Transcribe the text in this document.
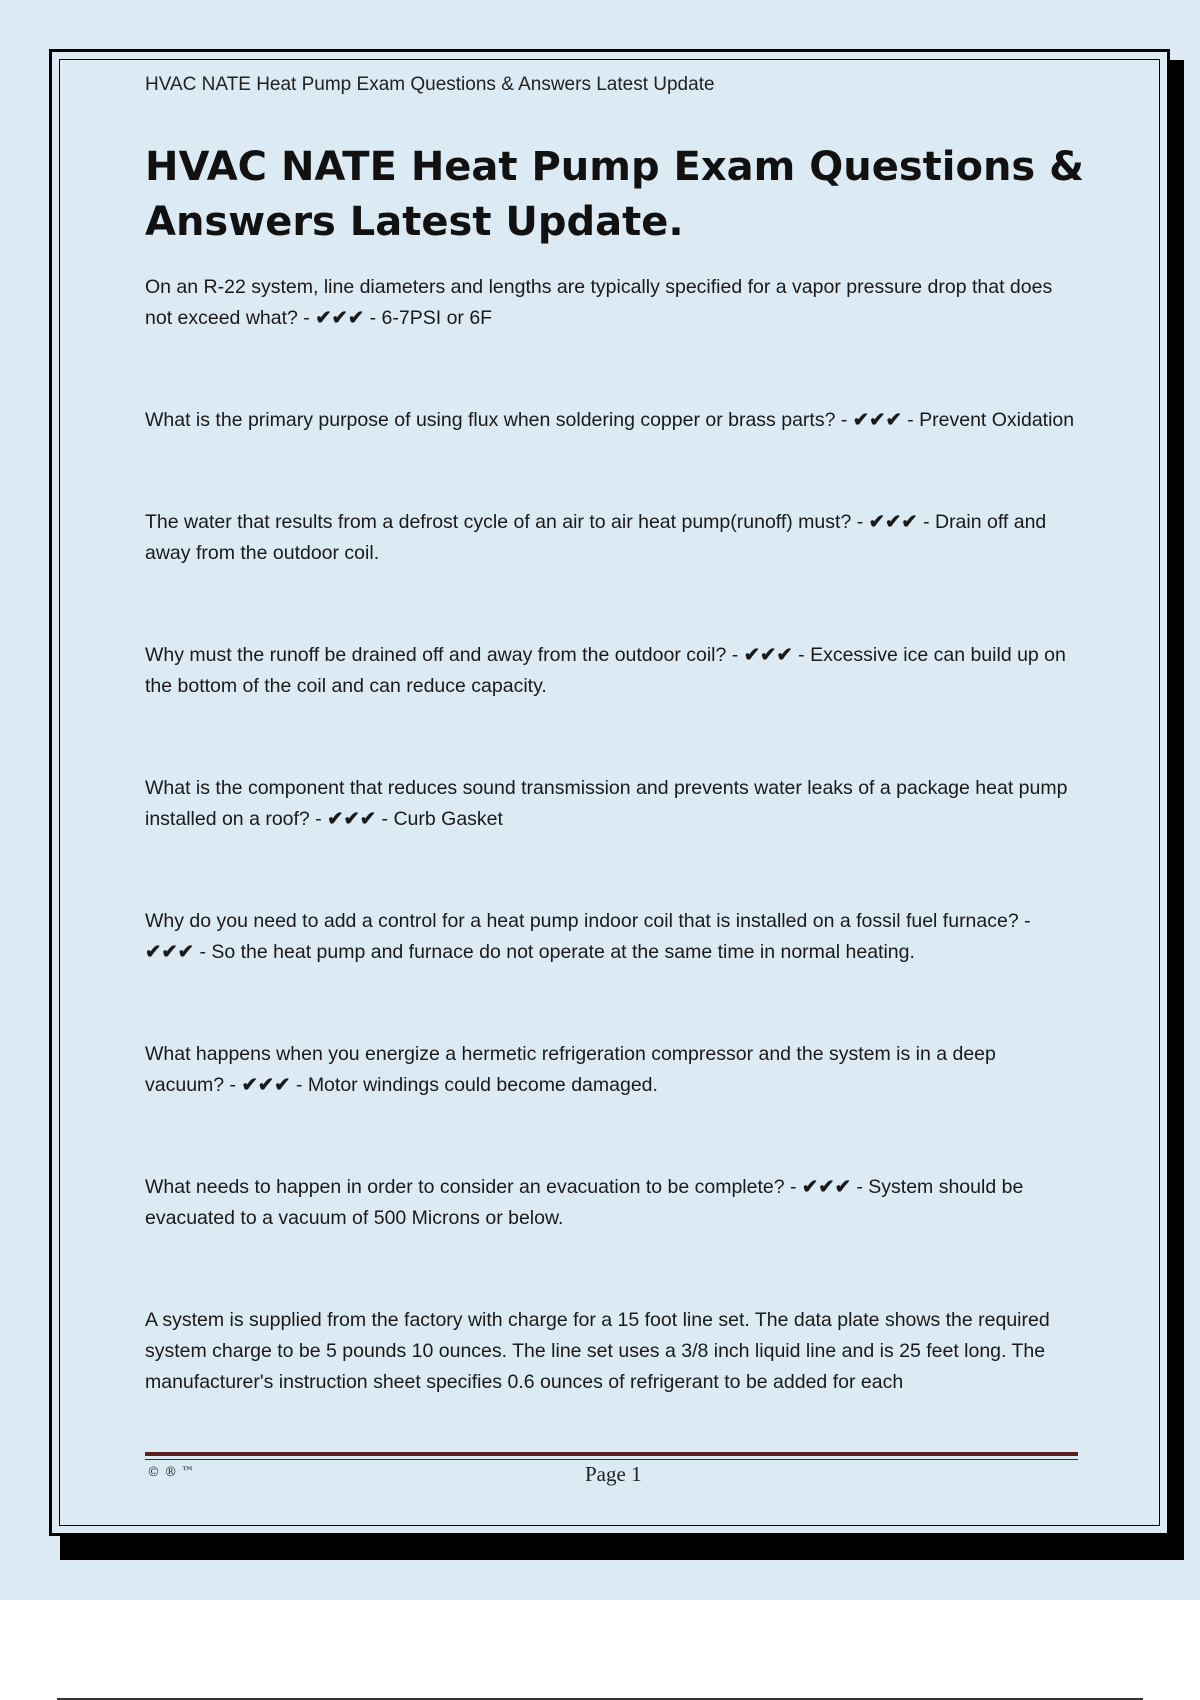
HVAC NATE Heat Pump Exam Questions & Answers Latest Update
HVAC NATE Heat Pump Exam Questions & Answers Latest Update.

On an R-22 system, line diameters and lengths are typically specified for a vapor pressure drop that does not exceed what? - ✔✔✔ - 6-7PSI or 6F

What is the primary purpose of using flux when soldering copper or brass parts? - ✔✔✔ - Prevent Oxidation

The water that results from a defrost cycle of an air to air heat pump(runoff) must? - ✔✔✔ - Drain off and away from the outdoor coil.

Why must the runoff be drained off and away from the outdoor coil? - ✔✔✔ - Excessive ice can build up on the bottom of the coil and can reduce capacity.

What is the component that reduces sound transmission and prevents water leaks of a package heat pump installed on a roof? - ✔✔✔ - Curb Gasket

Why do you need to add a control for a heat pump indoor coil that is installed on a fossil fuel furnace? - ✔✔✔ - So the heat pump and furnace do not operate at the same time in normal heating.

What happens when you energize a hermetic refrigeration compressor and the system is in a deep vacuum? - ✔✔✔ - Motor windings could become damaged.

What needs to happen in order to consider an evacuation to be complete? - ✔✔✔ - System should be evacuated to a vacuum of 500 Microns or below.

A system is supplied from the factory with charge for a 15 foot line set. The data plate shows the required system charge to be 5 pounds 10 ounces. The line set uses a 3/8 inch liquid line and is 25 feet long. The manufacturer's instruction sheet specifies 0.6 ounces of refrigerant to be added for each

© ® ™	Page 1
